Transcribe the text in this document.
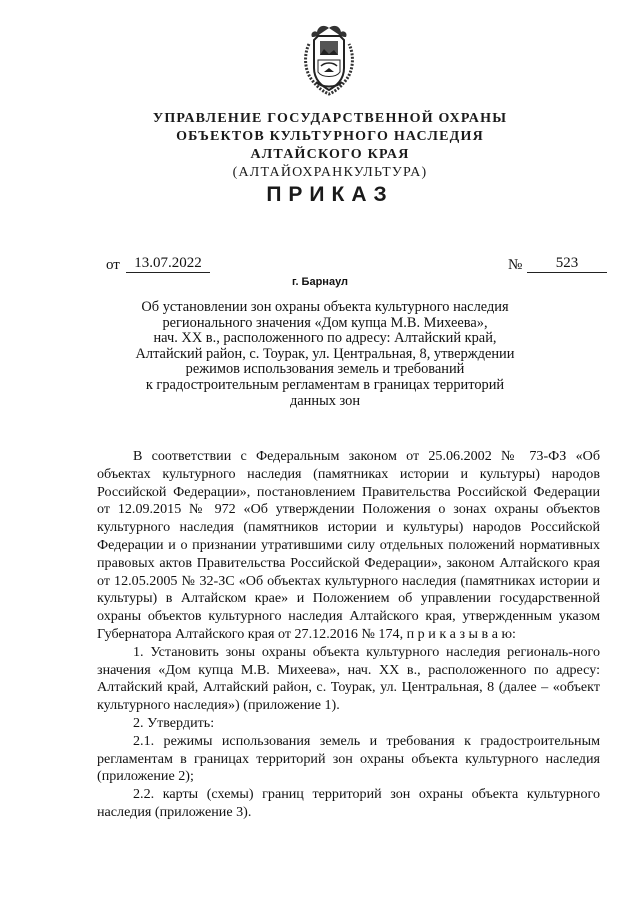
УПРАВЛЕНИЕ ГОСУДАРСТВЕННОЙ ОХРАНЫ
ОБЪЕКТОВ КУЛЬТУРНОГО НАСЛЕДИЯ
АЛТАЙСКОГО КРАЯ
(АЛТАЙОХРАНКУЛЬТУРА)
ПРИКАЗ
от 13.07.2022	№	523
г. Барнаул
Об установлении зон охраны объекта культурного наследия
регионального значения «Дом купца М.В. Михеева»,
нач. XX в., расположенного по адресу: Алтайский край,
Алтайский район, с. Тоурак, ул. Центральная, 8, утверждении
режимов использования земель и требований
к градостроительным регламентам в границах территорий
данных зон

В соответствии с Федеральным законом от 25.06.2002 № 73-ФЗ «Об объектах культурного наследия (памятниках истории и культуры) народов Российской Федерации», постановлением Правительства Российской Федерации от 12.09.2015 № 972 «Об утверждении Положения о зонах охраны объектов культурного наследия (памятников истории и культуры) народов Российской Федерации и о признании утратившими силу отдельных положений нормативных правовых актов Правительства Российской Федерации», законом Алтайского края от 12.05.2005 № 32-ЗС «Об объектах культурного наследия (памятниках истории и культуры) в Алтайском крае» и Положением об управлении государственной охраны объектов культурного наследия Алтайского края, утвержденным указом Губернатора Алтайского края от 27.12.2016 № 174, п р и к а з ы в а ю:

1. Установить зоны охраны объекта культурного наследия региональ-ного значения «Дом купца М.В. Михеева», нач. XX в., расположенного по адресу: Алтайский край, Алтайский район, с. Тоурак, ул. Центральная, 8 (далее – «объект культурного наследия») (приложение 1).

2. Утвердить:

2.1. режимы использования земель и требования к градостроительным регламентам в границах территорий зон охраны объекта культурного наследия (приложение 2);

2.2. карты (схемы) границ территорий зон охраны объекта культурного наследия (приложение 3).
